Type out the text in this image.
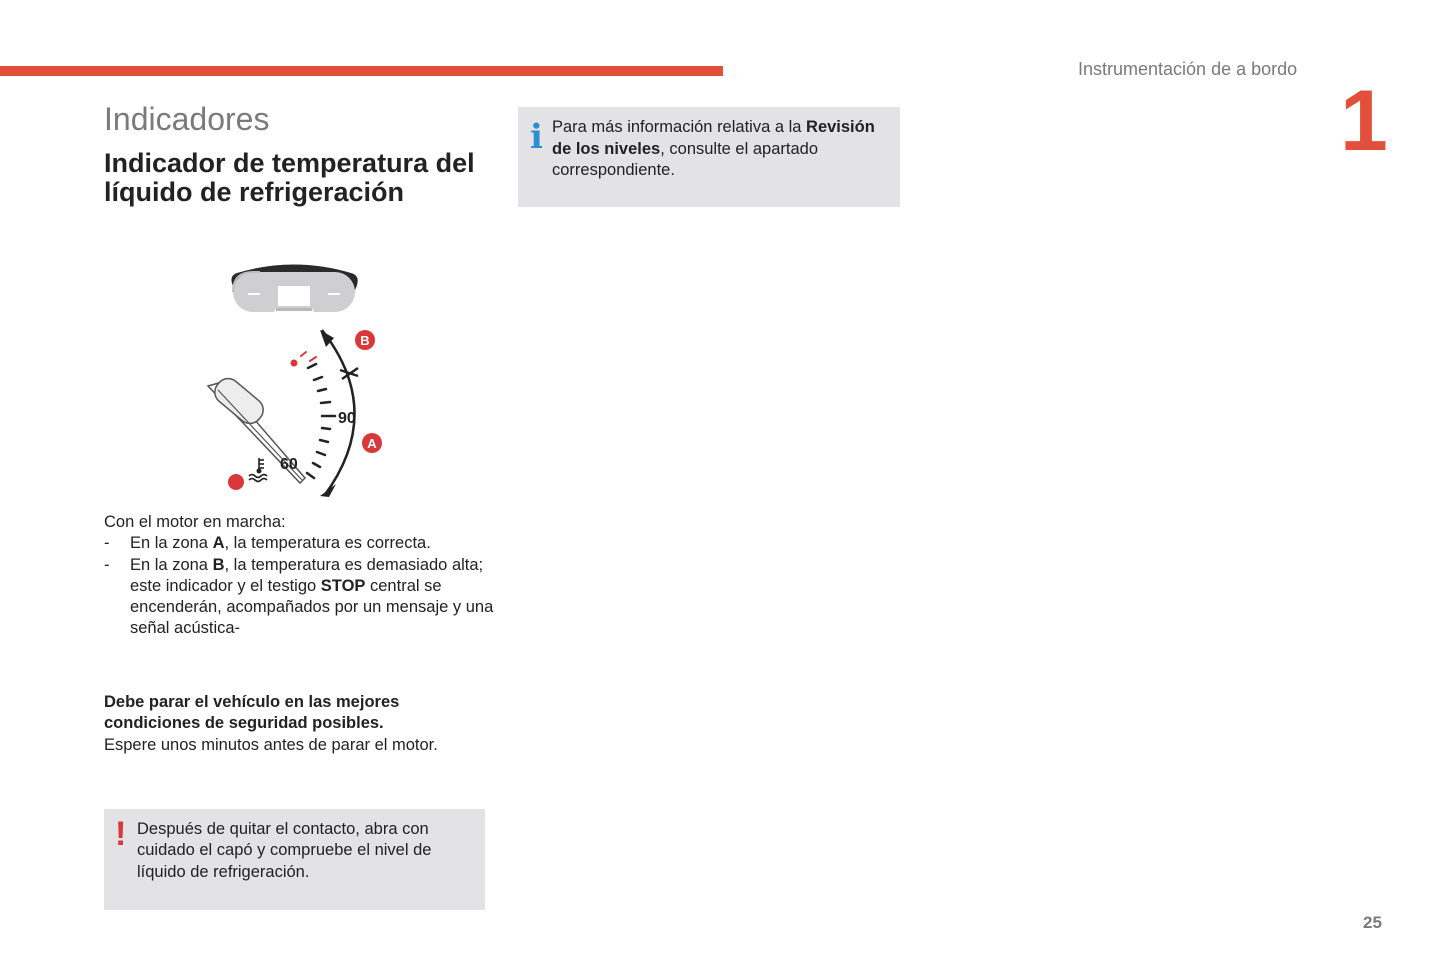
Instrumentación de a bordo
1
Indicadores
Indicador de temperatura del líquido de refrigeración
i Para más información relativa a la Revisión de los niveles, consulte el apartado correspondiente.
B
A
90
60

Con el motor en marcha:

-	En la zona A, la temperatura es correcta.
-	En la zona B, la temperatura es demasiado alta; este indicador y el testigo STOP central se encenderán, acompañados por un mensaje y una señal acústica-

Debe parar el vehículo en las mejores condiciones de seguridad posibles.

Espere unos minutos antes de parar el motor.

! Después de quitar el contacto, abra con cuidado el capó y compruebe el nivel de líquido de refrigeración.
25
